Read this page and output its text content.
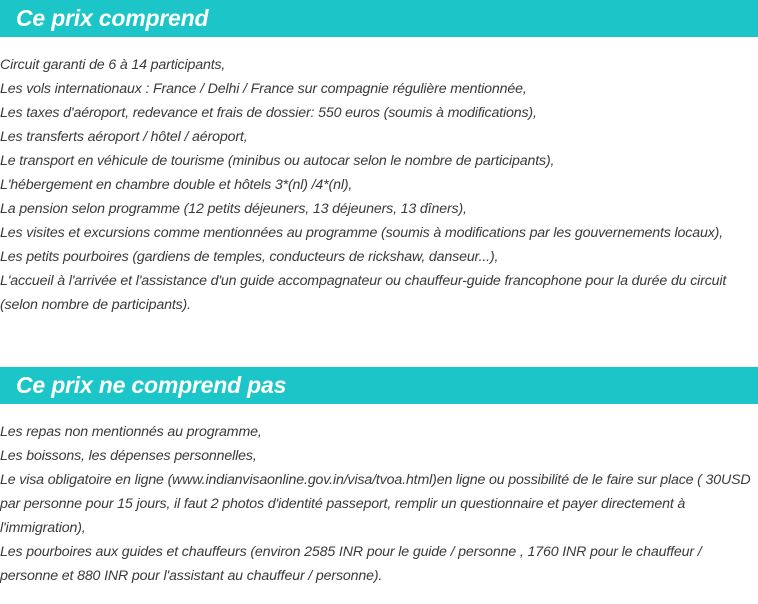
Ce prix comprend
Circuit garanti de 6 à 14 participants,
Les vols internationaux : France / Delhi / France sur compagnie régulière mentionnée,
Les taxes d'aéroport, redevance et frais de dossier: 550 euros (soumis à modifications),
Les transferts aéroport / hôtel / aéroport,
Le transport en véhicule de tourisme (minibus ou autocar selon le nombre de participants),
L'hébergement en chambre double et hôtels 3*(nl) /4*(nl),
La pension selon programme (12 petits déjeuners, 13 déjeuners, 13 dîners),
Les visites et excursions comme mentionnées au programme (soumis à modifications par les gouvernements locaux),
Les petits pourboires (gardiens de temples, conducteurs de rickshaw, danseur...),
L'accueil à l'arrivée et l'assistance d'un guide accompagnateur ou chauffeur-guide francophone pour la durée du circuit (selon nombre de participants).
Ce prix ne comprend pas
Les repas non mentionnés au programme,
Les boissons, les dépenses personnelles,
Le visa obligatoire en ligne (www.indianvisaonline.gov.in/visa/tvoa.html)en ligne ou possibilité de le faire sur place ( 30USD par personne pour 15 jours, il faut 2 photos d'identité passeport, remplir un questionnaire et payer directement à l'immigration),
Les pourboires aux guides et chauffeurs (environ 2585 INR pour le guide / personne , 1760 INR pour le chauffeur / personne et 880 INR pour l'assistant au chauffeur / personne).
